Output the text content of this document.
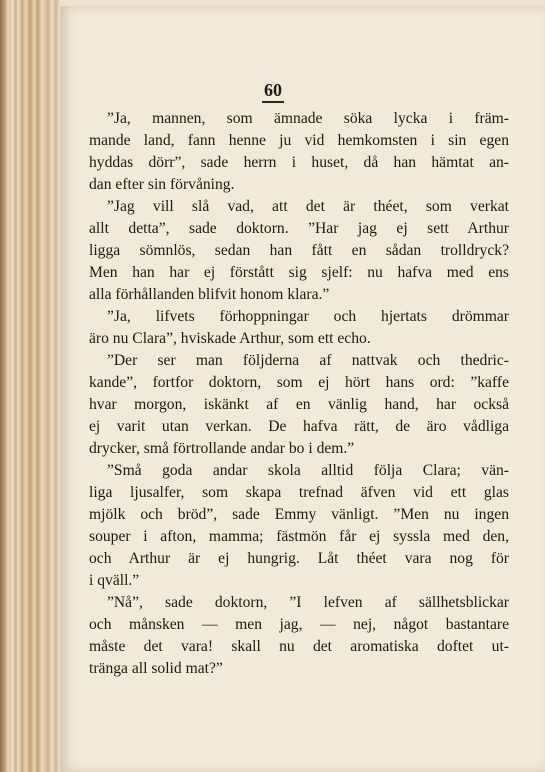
60
”Ja, mannen, som ämnade söka lycka i främ-
mande land, fann henne ju vid hemkomsten i sin egen
hyddas dörr”, sade herrn i huset, då han hämtat an-
dan efter sin förvåning.
”Jag vill slå vad, att det är théet, som verkat
allt detta”, sade doktorn. ”Har jag ej sett Arthur
ligga sömnlös, sedan han fått en sådan trolldryck?
Men han har ej förstått sig sjelf: nu hafva med ens
alla förhållanden blifvit honom klara.”
”Ja, lifvets förhoppningar och hjertats drömmar
äro nu Clara”, hviskade Arthur, som ett echo.
”Der ser man följderna af nattvak och thedric-
kande”, fortfor doktorn, som ej hört hans ord: ”kaffe
hvar morgon, iskänkt af en vänlig hand, har också
ej varit utan verkan. De hafva rätt, de äro vådliga
drycker, små förtrollande andar bo i dem.”
”Små goda andar skola alltid följa Clara; vän-
liga ljusalfer, som skapa trefnad äfven vid ett glas
mjölk och bröd”, sade Emmy vänligt. ”Men nu ingen
souper i afton, mamma; fästmön får ej syssla med den,
och Arthur är ej hungrig. Låt théet vara nog för
i qväll.”
”Nå”, sade doktorn, ”I lefven af sällhetsblickar
och månsken — men jag, — nej, något bastantare
måste det vara! skall nu det aromatiska doftet ut-
tränga all solid mat?”
